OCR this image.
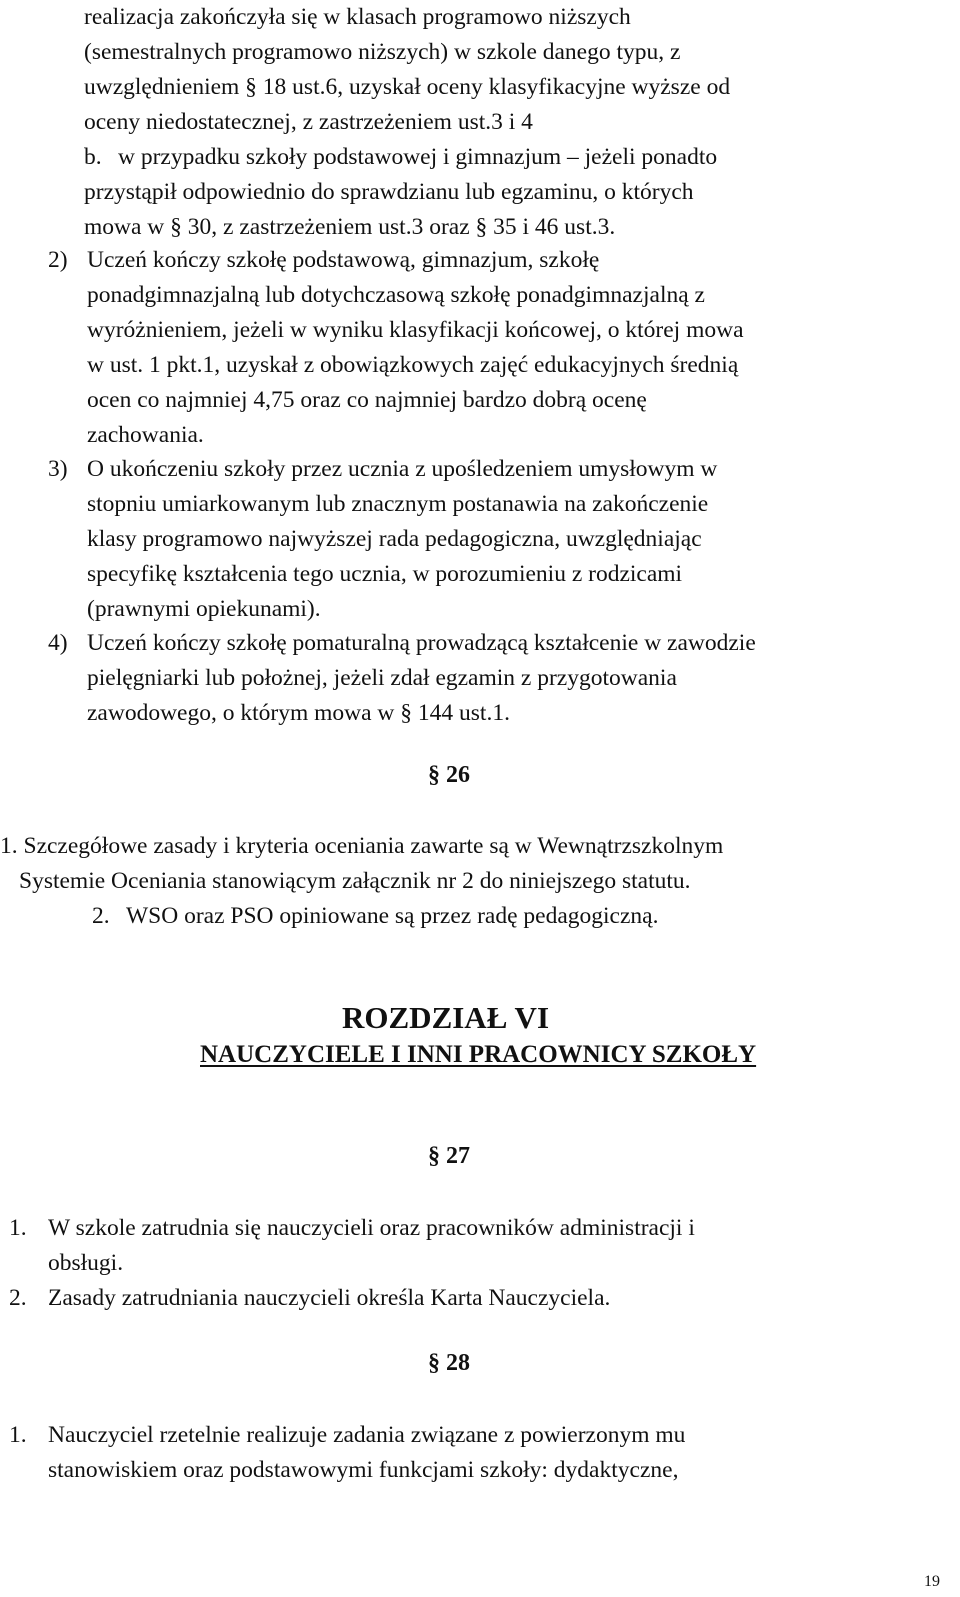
realizacja zakończyła się w klasach programowo niższych
(semestralnych programowo niższych) w szkole danego typu, z
uwzględnieniem § 18 ust.6, uzyskał oceny klasyfikacyjne wyższe od
oceny niedostatecznej, z zastrzeżeniem ust.3 i 4
b. w przypadku szkoły podstawowej i gimnazjum – jeżeli ponadto
przystąpił odpowiednio do sprawdzianu lub egzaminu, o których
mowa w § 30, z zastrzeżeniem ust.3 oraz § 35 i 46 ust.3.
2) Uczeń kończy szkołę podstawową, gimnazjum, szkołę
ponadgimnazjalną lub dotychczasową szkołę ponadgimnazjalną z
wyróżnieniem, jeżeli w wyniku klasyfikacji końcowej, o której mowa
w ust. 1 pkt.1, uzyskał z obowiązkowych zajęć edukacyjnych średnią
ocen co najmniej 4,75 oraz co najmniej bardzo dobrą ocenę
zachowania.
3) O ukończeniu szkoły przez ucznia z upośledzeniem umysłowym w
stopniu umiarkowanym lub znacznym postanawia na zakończenie
klasy programowo najwyższej rada pedagogiczna, uwzględniając
specyfikę kształcenia tego ucznia, w porozumieniu z rodzicami
(prawnymi opiekunami).
4) Uczeń kończy szkołę pomaturalną prowadzącą kształcenie w zawodzie
pielęgniarki lub położnej, jeżeli zdał egzamin z przygotowania
zawodowego, o którym mowa w § 144 ust.1.
§ 26
1. Szczegółowe zasady i kryteria oceniania zawarte są w Wewnątrzszkolnym
Systemie Oceniania stanowiącym załącznik nr 2 do niniejszego statutu.
2. WSO oraz PSO opiniowane są przez radę pedagogiczną.
ROZDZIAŁ VI
NAUCZYCIELE I INNI PRACOWNICY SZKOŁY
§ 27
1. W szkole zatrudnia się nauczycieli oraz pracowników administracji i
obsługi.
2. Zasady zatrudniania nauczycieli określa Karta Nauczyciela.
§ 28
1. Nauczyciel rzetelnie realizuje zadania związane z powierzonym mu
stanowiskiem oraz podstawowymi funkcjami szkoły: dydaktyczne,
19
